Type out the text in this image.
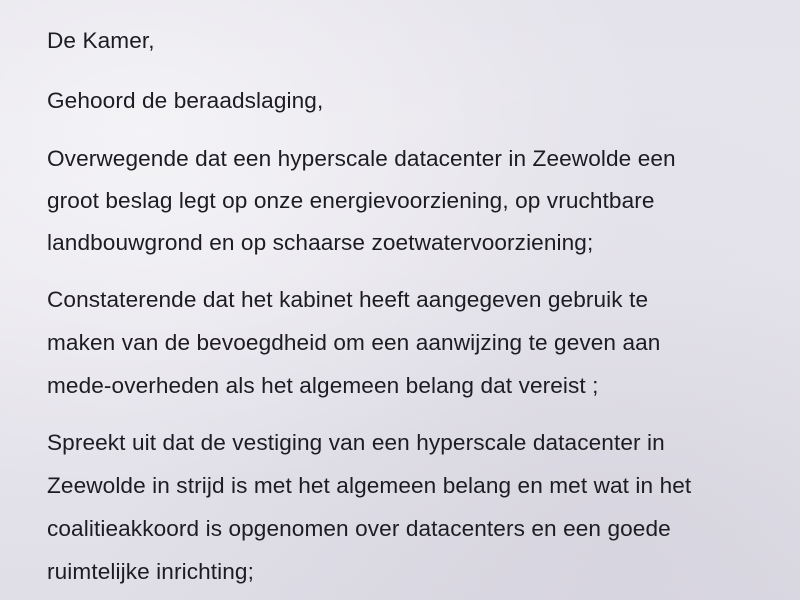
De Kamer,
Gehoord de beraadslaging,
Overwegende dat een hyperscale datacenter in Zeewolde een
groot beslag legt op onze energievoorziening, op vruchtbare
landbouwgrond en op schaarse zoetwatervoorziening;
Constaterende dat het kabinet heeft aangegeven gebruik te
maken van de bevoegdheid om een aanwijzing te geven aan
mede-overheden als het algemeen belang dat vereist ;
Spreekt uit dat de vestiging van een hyperscale datacenter in
Zeewolde in strijd is met het algemeen belang en met wat in het
coalitieakkoord is opgenomen over datacenters en een goede
ruimtelijke inrichting;
